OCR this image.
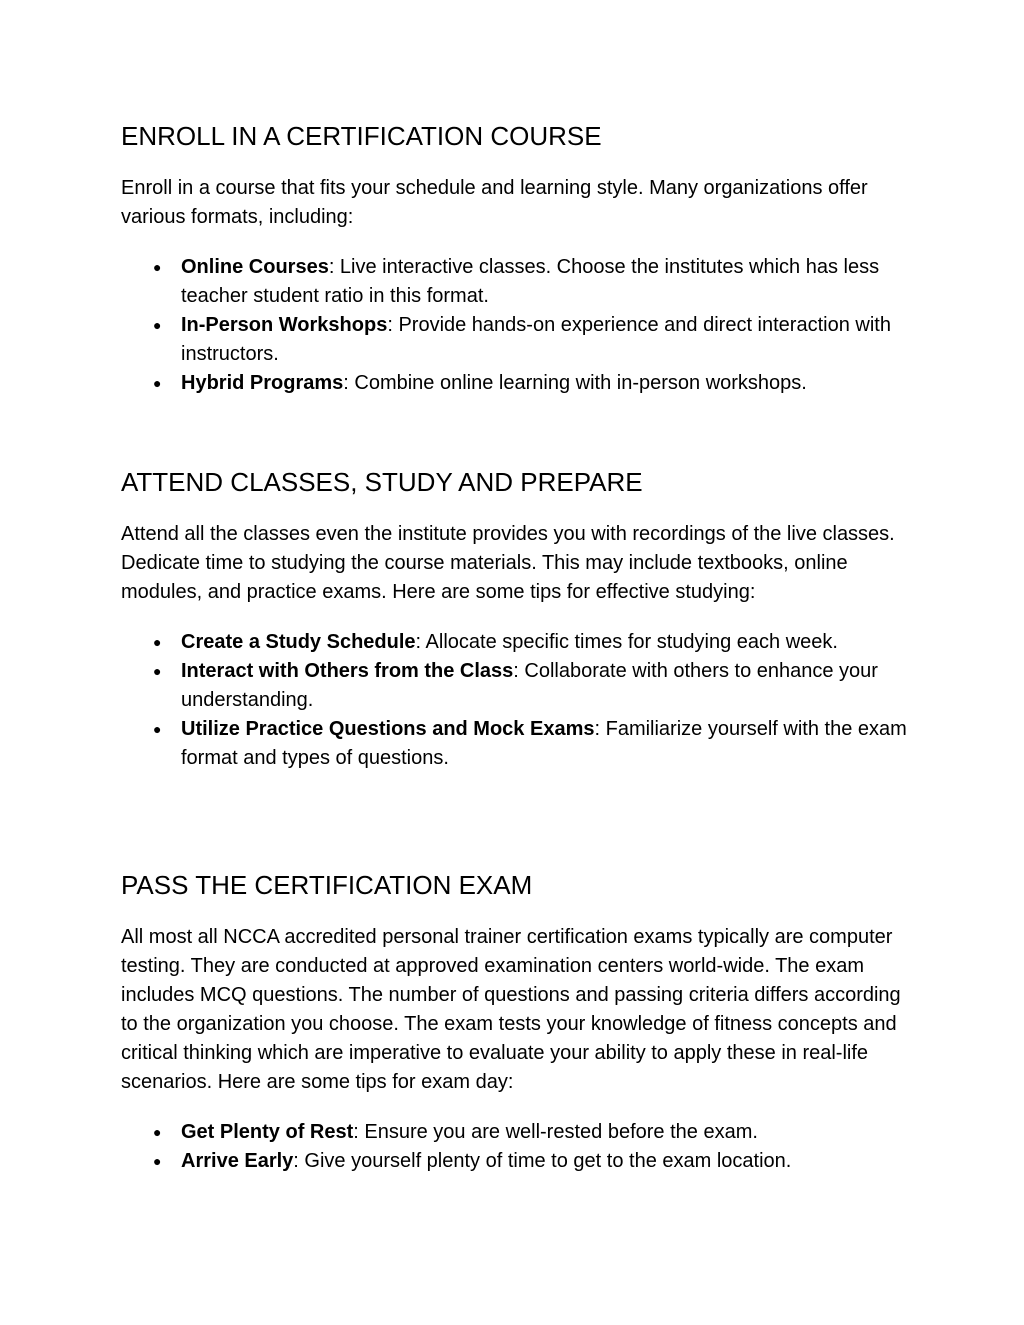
ENROLL IN A CERTIFICATION COURSE

Enroll in a course that fits your schedule and learning style. Many organizations offer various formats, including:

● Online Courses: Live interactive classes. Choose the institutes which has less teacher student ratio in this format.
● In-Person Workshops: Provide hands-on experience and direct interaction with instructors.
● Hybrid Programs: Combine online learning with in-person workshops.
ATTEND CLASSES, STUDY AND PREPARE

Attend all the classes even the institute provides you with recordings of the live classes. Dedicate time to studying the course materials. This may include textbooks, online modules, and practice exams. Here are some tips for effective studying:

● Create a Study Schedule: Allocate specific times for studying each week.
● Interact with Others from the Class: Collaborate with others to enhance your understanding.
● Utilize Practice Questions and Mock Exams: Familiarize yourself with the exam format and types of questions.
PASS THE CERTIFICATION EXAM

All most all NCCA accredited personal trainer certification exams typically are computer testing. They are conducted at approved examination centers world-wide. The exam includes MCQ questions. The number of questions and passing criteria differs according to the organization you choose. The exam tests your knowledge of fitness concepts and critical thinking which are imperative to evaluate your ability to apply these in real-life scenarios. Here are some tips for exam day:

● Get Plenty of Rest: Ensure you are well-rested before the exam.
● Arrive Early: Give yourself plenty of time to get to the exam location.
